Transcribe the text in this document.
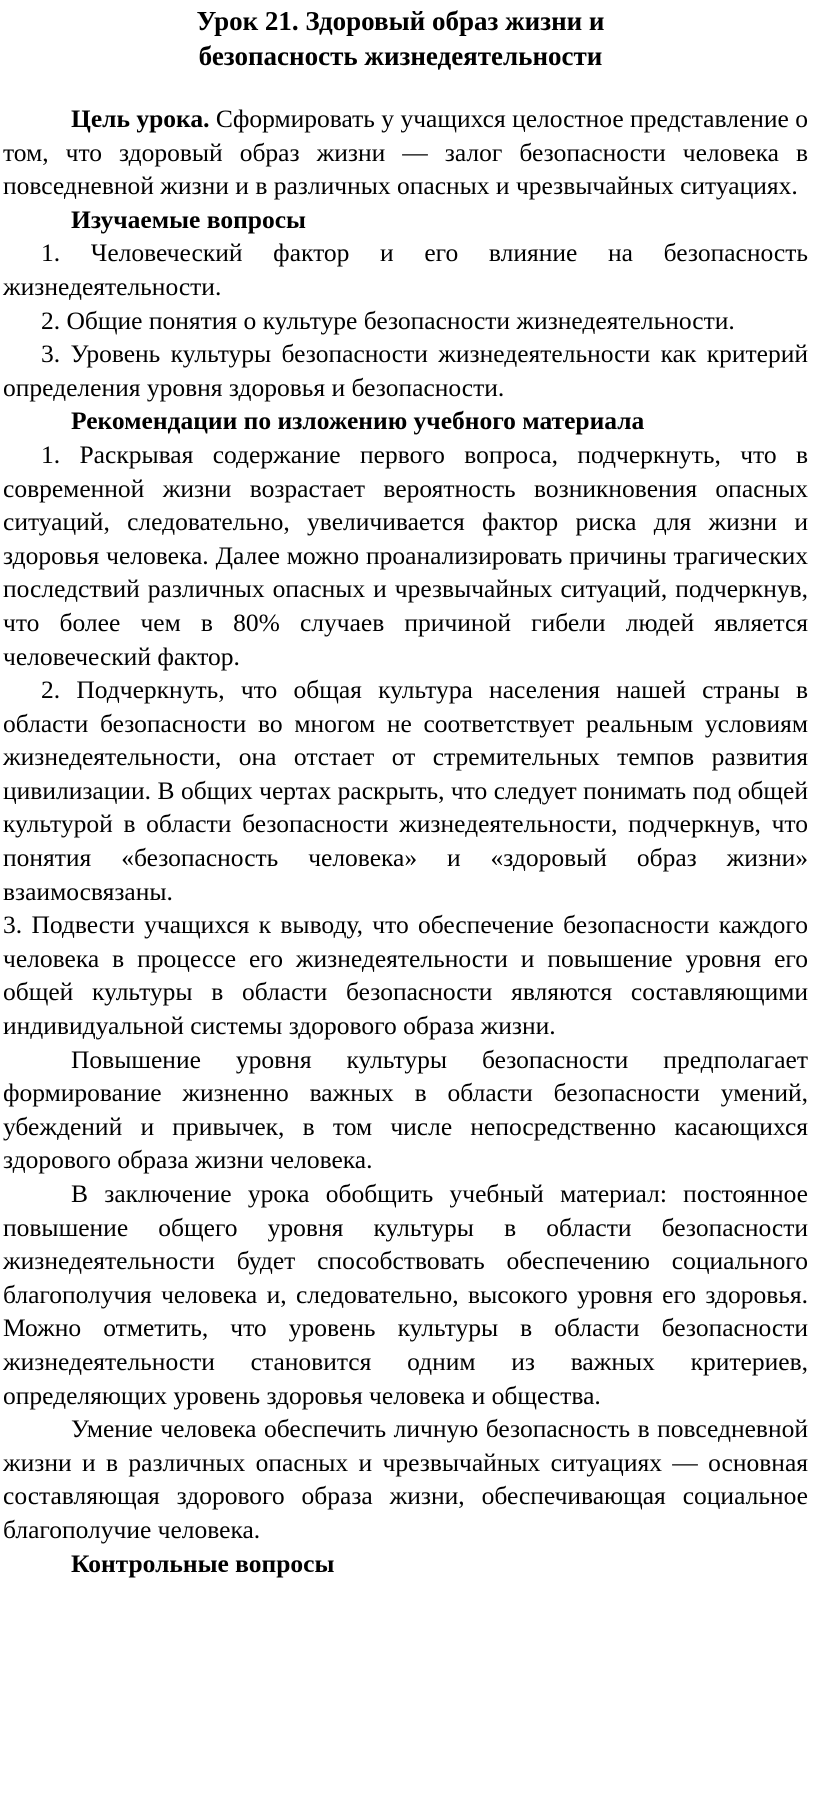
Урок 21. Здоровый образ жизни и
безопасность жизнедеятельности

Цель урока. Сформировать у учащихся целостное представление о том, что здоровый образ жизни — залог безопасности человека в повседневной жизни и в различных опасных и чрезвычайных ситуациях.

Изучаемые вопросы

1. Человеческий фактор и его влияние на безопасность жизнедеятельности.

2. Общие понятия о культуре безопасности жизнедеятельности.

3. Уровень культуры безопасности жизнедеятельности как критерий определения уровня здоровья и безопасности.

Рекомендации по изложению учебного материала

1. Раскрывая содержание первого вопроса, подчеркнуть, что в современной жизни возрастает вероятность возникновения опасных ситуаций, следовательно, увеличивается фактор риска для жизни и здоровья человека. Далее можно проанализировать причины трагических последствий различных опасных и чрезвычайных ситуаций, подчеркнув, что более чем в 80% случаев причиной гибели людей является человеческий фактор.

2. Подчеркнуть, что общая культура населения нашей страны в области безопасности во многом не соответствует реальным условиям жизнедеятельности, она отстает от стремительных темпов развития цивилизации. В общих чертах раскрыть, что следует понимать под общей культурой в области безопасности жизнедеятельности, подчеркнув, что понятия «безопасность человека» и «здоровый образ жизни» взаимосвязаны.

3. Подвести учащихся к выводу, что обеспечение безопасности каждого человека в процессе его жизнедеятельности и повышение уровня его общей культуры в области безопасности являются составляющими индивидуальной системы здорового образа жизни.

Повышение уровня культуры безопасности предполагает формирование жизненно важных в области безопасности умений, убеждений и привычек, в том числе непосредственно касающихся здорового образа жизни человека.

В заключение урока обобщить учебный материал: постоянное повышение общего уровня культуры в области безопасности жизнедеятельности будет способствовать обеспечению социального благополучия человека и, следовательно, высокого уровня его здоровья. Можно отметить, что уровень культуры в области безопасности жизнедеятельности становится одним из важных критериев, определяющих уровень здоровья человека и общества.

Умение человека обеспечить личную безопасность в повседневной жизни и в различных опасных и чрезвычайных ситуациях — основная составляющая здорового образа жизни, обеспечивающая социальное благополучие человека.

Контрольные вопросы
